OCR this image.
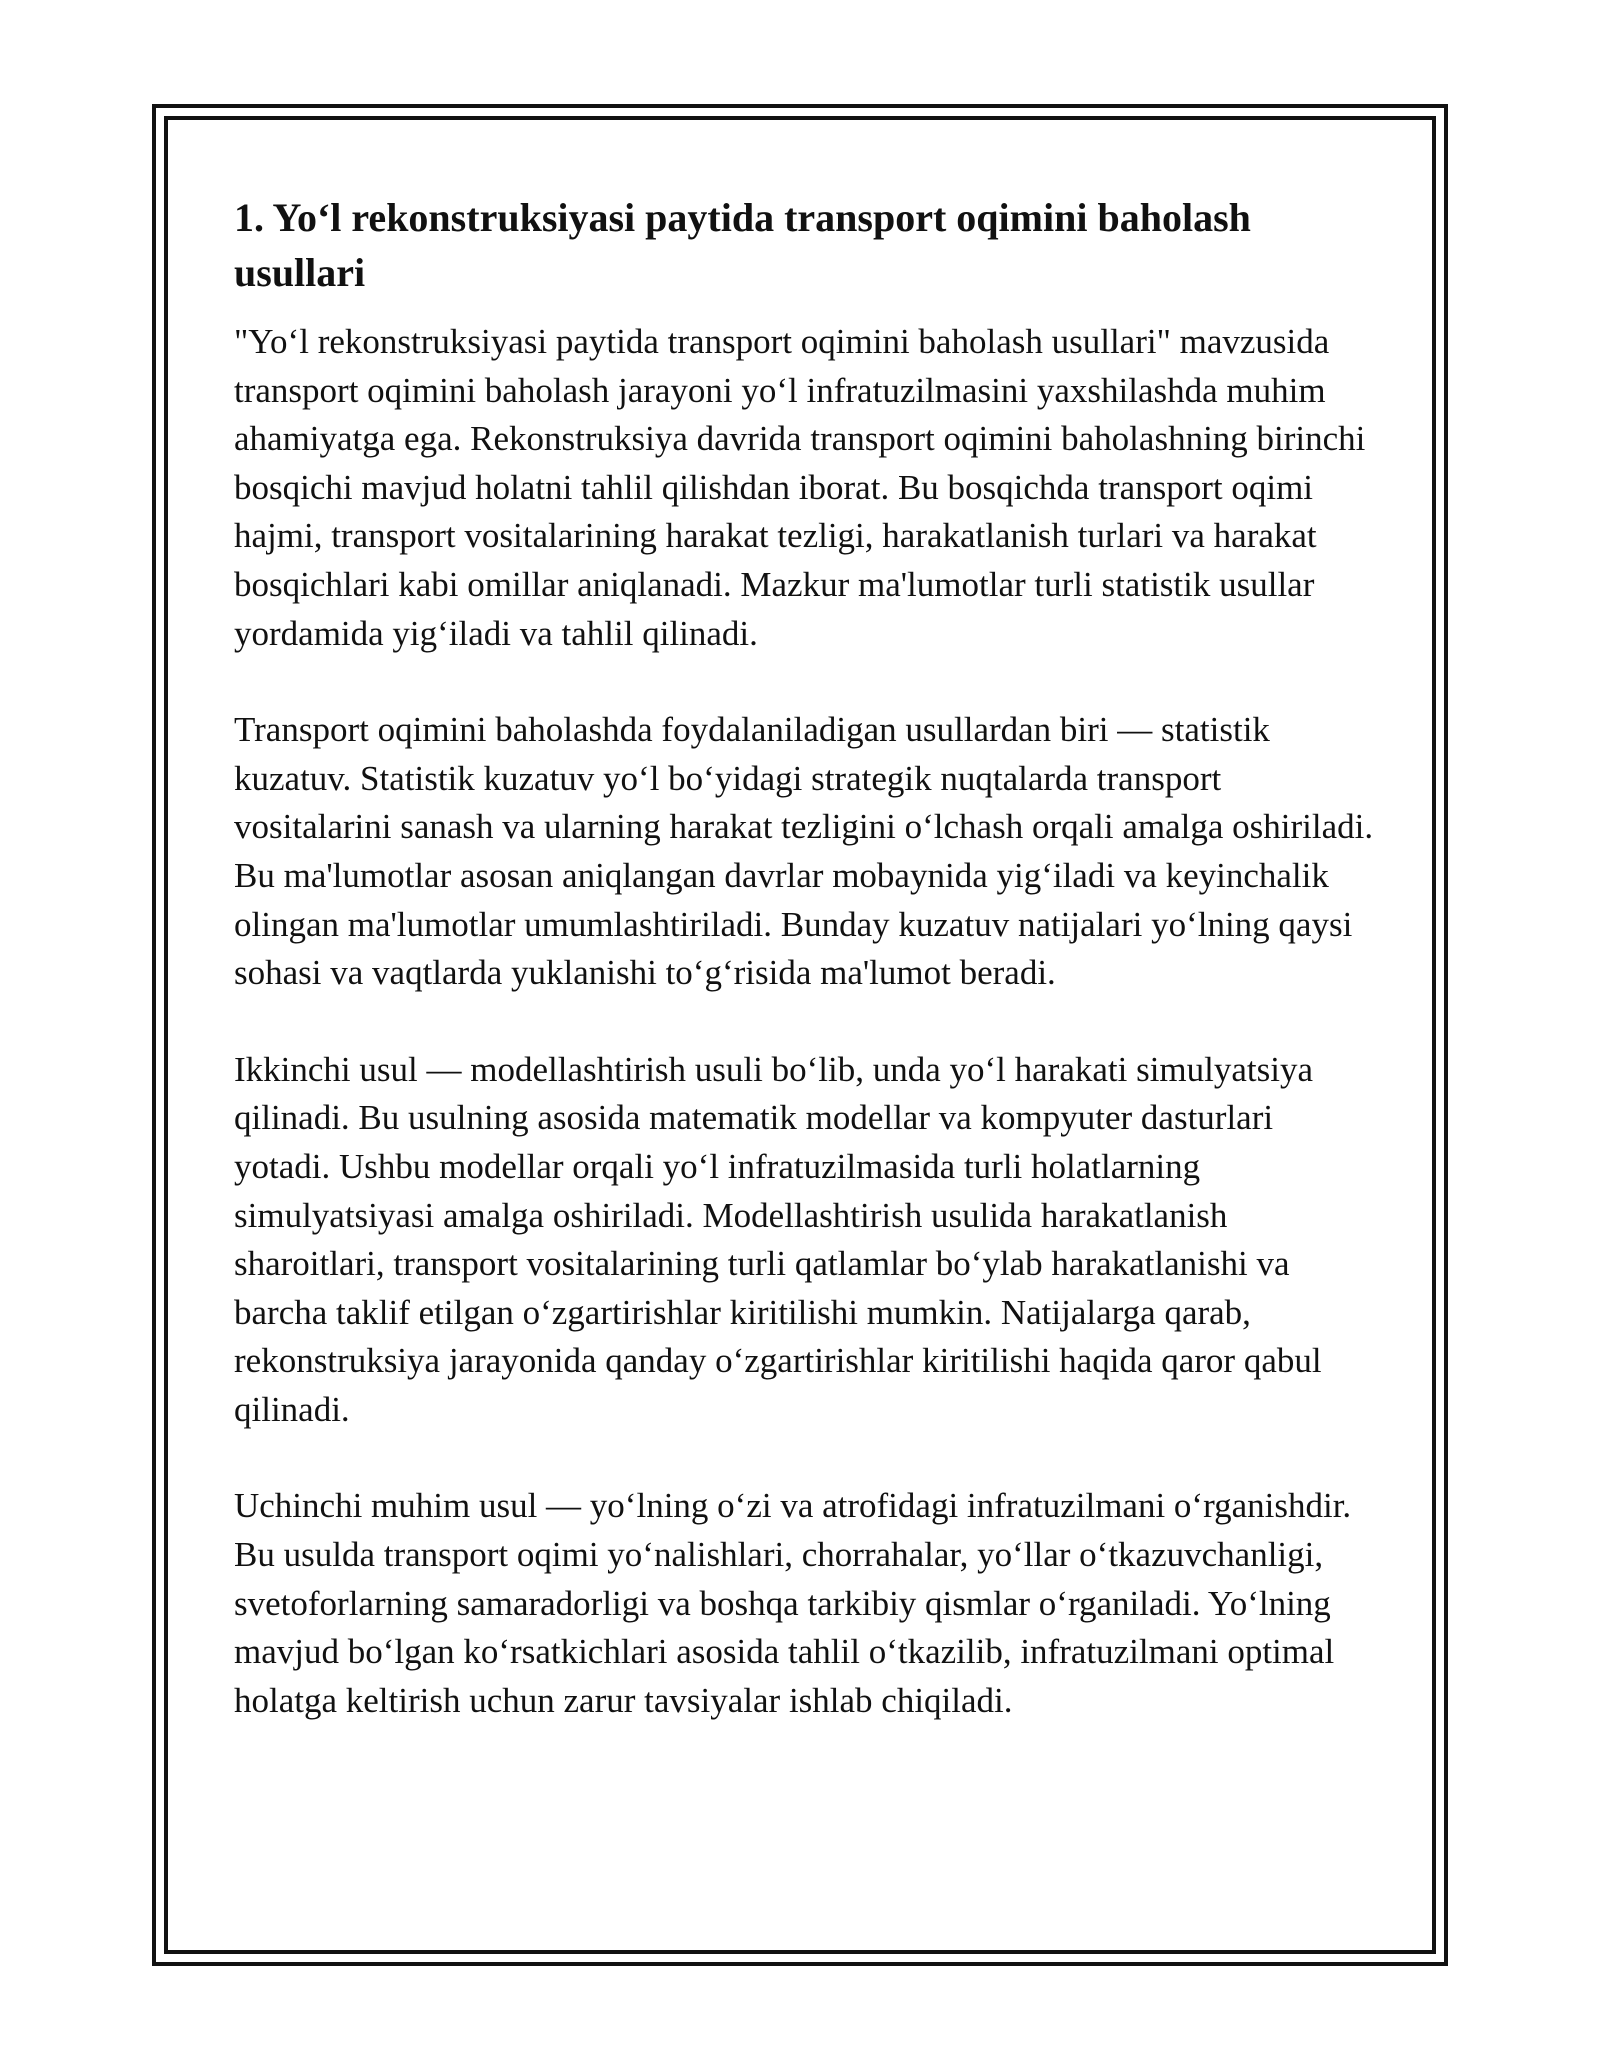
1. Yo‘l rekonstruksiyasi paytida transport oqimini baholash usullari

"Yo‘l rekonstruksiyasi paytida transport oqimini baholash usullari" mavzusida transport oqimini baholash jarayoni yo‘l infratuzilmasini yaxshilashda muhim ahamiyatga ega. Rekonstruksiya davrida transport oqimini baholashning birinchi bosqichi mavjud holatni tahlil qilishdan iborat. Bu bosqichda transport oqimi hajmi, transport vositalarining harakat tezligi, harakatlanish turlari va harakat bosqichlari kabi omillar aniqlanadi. Mazkur ma'lumotlar turli statistik usullar yordamida yig‘iladi va tahlil qilinadi.

Transport oqimini baholashda foydalaniladigan usullardan biri — statistik kuzatuv. Statistik kuzatuv yo‘l bo‘yidagi strategik nuqtalarda transport vositalarini sanash va ularning harakat tezligini o‘lchash orqali amalga oshiriladi. Bu ma'lumotlar asosan aniqlangan davrlar mobaynida yig‘iladi va keyinchalik olingan ma'lumotlar umumlashtiriladi. Bunday kuzatuv natijalari yo‘lning qaysi sohasi va vaqtlarda yuklanishi to‘g‘risida ma'lumot beradi.

Ikkinchi usul — modellashtirish usuli bo‘lib, unda yo‘l harakati simulyatsiya qilinadi. Bu usulning asosida matematik modellar va kompyuter dasturlari yotadi. Ushbu modellar orqali yo‘l infratuzilmasida turli holatlarning simulyatsiyasi amalga oshiriladi. Modellashtirish usulida harakatlanish sharoitlari, transport vositalarining turli qatlamlar bo‘ylab harakatlanishi va barcha taklif etilgan o‘zgartirishlar kiritilishi mumkin. Natijalarga qarab, rekonstruksiya jarayonida qanday o‘zgartirishlar kiritilishi haqida qaror qabul qilinadi.

Uchinchi muhim usul — yo‘lning o‘zi va atrofidagi infratuzilmani o‘rganishdir. Bu usulda transport oqimi yo‘nalishlari, chorrahalar, yo‘llar o‘tkazuvchanligi, svetoforlarning samaradorligi va boshqa tarkibiy qismlar o‘rganiladi. Yo‘lning mavjud bo‘lgan ko‘rsatkichlari asosida tahlil o‘tkazilib, infratuzilmani optimal holatga keltirish uchun zarur tavsiyalar ishlab chiqiladi.
